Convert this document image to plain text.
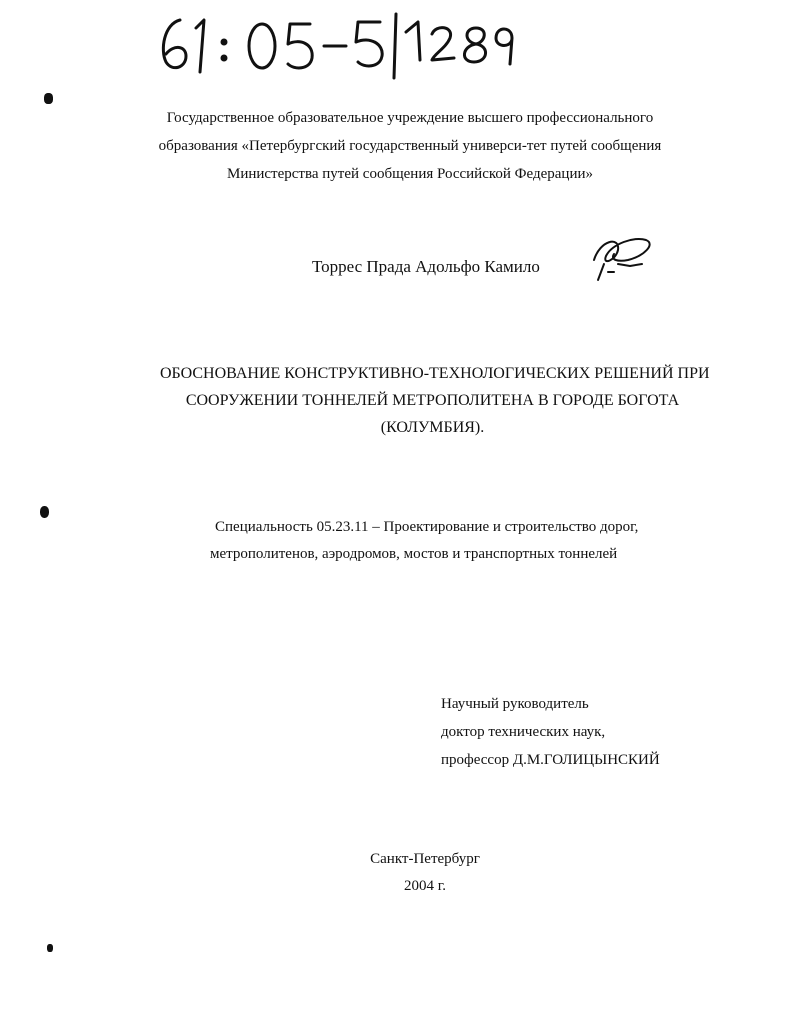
Государственное образовательное учреждение высшего профессионального
образования «Петербургский государственный универси-тет путей сообщения
Министерства путей сообщения Российской Федерации»
Торрес Прада Адольфо Камило
ОБОСНОВАНИЕ КОНСТРУКТИВНО-ТЕХНОЛОГИЧЕСКИХ РЕШЕНИЙ ПРИ
СООРУЖЕНИИ ТОННЕЛЕЙ МЕТРОПОЛИТЕНА В ГОРОДЕ БОГОТА
(КОЛУМБИЯ).
Специальность 05.23.11 – Проектирование и строительство дорог,
метрополитенов, аэродромов, мостов и транспортных тоннелей
Научный руководитель
доктор технических наук,
профессор Д.М.ГОЛИЦЫНСКИЙ
Санкт-Петербург
2004 г.
